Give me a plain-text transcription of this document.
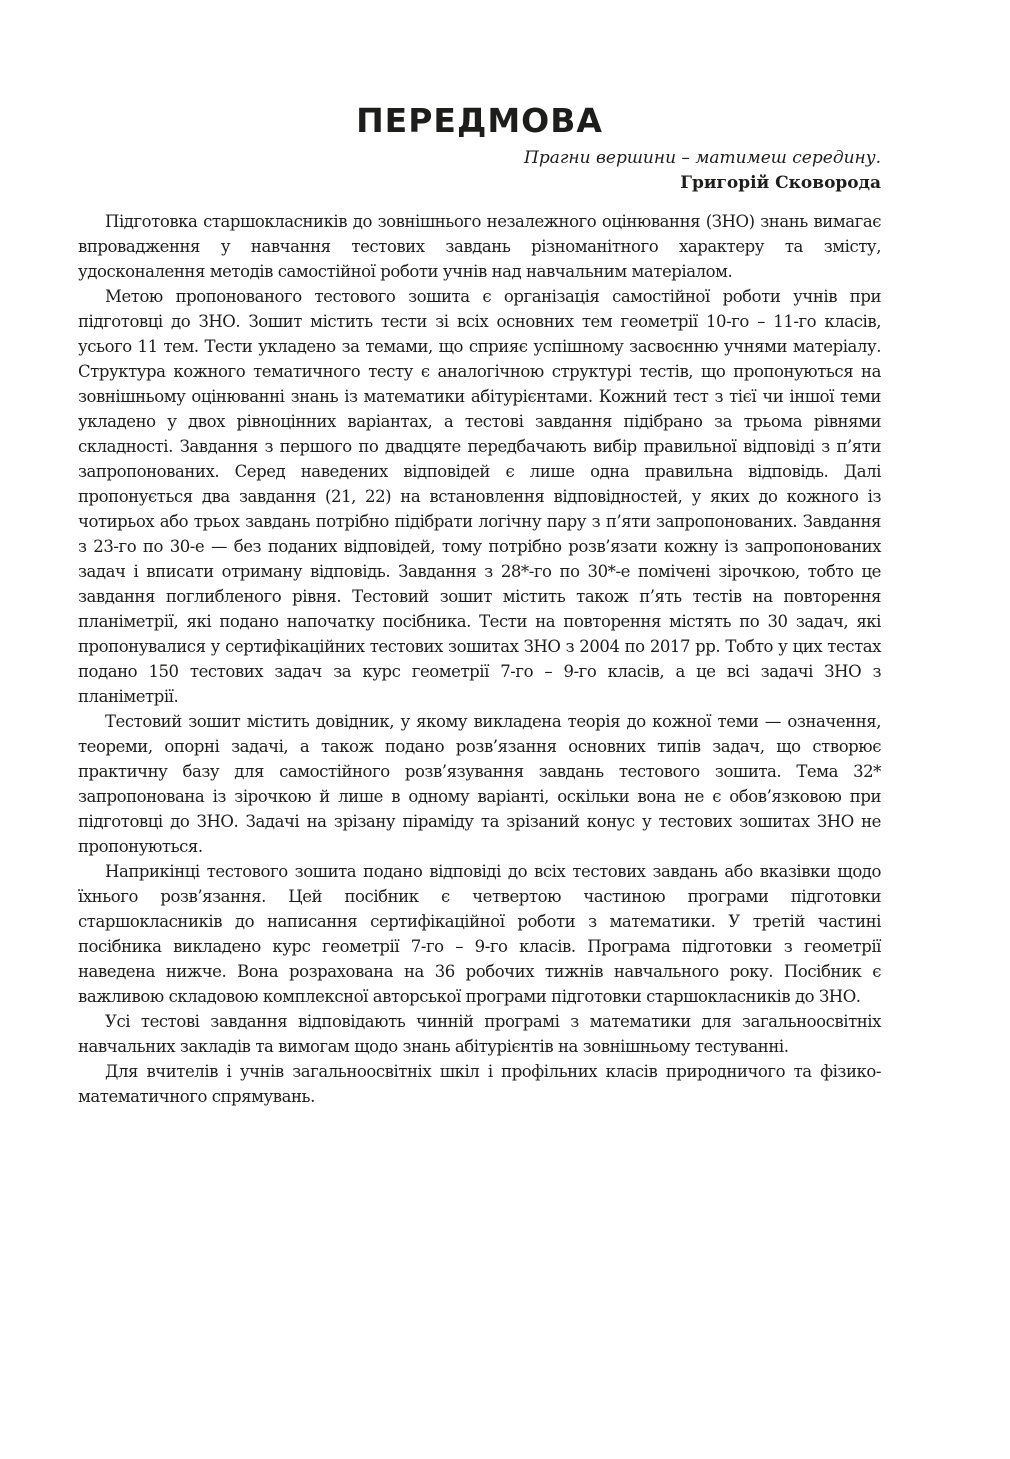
ПЕРЕДМОВА
Прагни вершини – матимеш середину.
Григорій Сковорода

Підготовка старшокласників до зовнішнього незалежного оцінювання (ЗНО) знань вимагає впровадження у навчання тестових завдань різноманітного характеру та змісту, удосконалення методів самостійної роботи учнів над навчальним матеріалом.

Метою пропонованого тестового зошита є організація самостійної роботи учнів при підготовці до ЗНО. Зошит містить тести зі всіх основних тем геометрії 10-го – 11-го класів, усього 11 тем. Тести укладено за темами, що сприяє успішному засвоєнню учнями матеріалу. Структура кожного тематичного тесту є аналогічною структурі тестів, що пропонуються на зовнішньому оцінюванні знань із математики абітурієнтами. Кожний тест з тієї чи іншої теми укладено у двох рівноцінних варіантах, а тестові завдання підібрано за трьома рівнями складності. Завдання з першого по двадцяте передбачають вибір правильної відповіді з п’яти запропонованих. Серед наведених відповідей є лише одна правильна відповідь. Далі пропонується два завдання (21, 22) на встановлення відповідностей, у яких до кожного із чотирьох або трьох завдань потрібно підібрати логічну пару з п’яти запропонованих. Завдання з 23-го по 30-е — без поданих відповідей, тому потрібно розв’язати кожну із запропонованих задач і вписати отриману відповідь. Завдання з 28*-го по 30*-е помічені зірочкою, тобто це завдання поглибленого рівня. Тестовий зошит містить також п’ять тестів на повторення планіметрії, які подано напочатку посібника. Тести на повторення містять по 30 задач, які пропонувалися у сертифікаційних тестових зошитах ЗНО з 2004 по 2017 рр. Тобто у цих тестах подано 150 тестових задач за курс геометрії 7-го – 9-го класів, а це всі задачі ЗНО з планіметрії.

Тестовий зошит містить довідник, у якому викладена теорія до кожної теми — означення, теореми, опорні задачі, а також подано розв’язання основних типів задач, що створює практичну базу для самостійного розв’язування завдань тестового зошита. Тема 32* запропонована із зірочкою й лише в одному варіанті, оскільки вона не є обов’язковою при підготовці до ЗНО. Задачі на зрізану піраміду та зрізаний конус у тестових зошитах ЗНО не пропонуються.

Наприкінці тестового зошита подано відповіді до всіх тестових завдань або вказівки щодо їхнього розв’язання. Цей посібник є четвертою частиною програми підготовки старшокласників до написання сертифікаційної роботи з математики. У третій частині посібника викладено курс геометрії 7-го – 9-го класів. Програма підготовки з геометрії наведена нижче. Вона розрахована на 36 робочих тижнів навчального року. Посібник є важливою складовою комплексної авторської програми підготовки старшокласників до ЗНО.

Усі тестові завдання відповідають чинній програмі з математики для загальноосвітніх навчальних закладів та вимогам щодо знань абітурієнтів на зовнішньому тестуванні.

Для вчителів і учнів загальноосвітніх шкіл і профільних класів природничого та фізико-математичного спрямувань.
